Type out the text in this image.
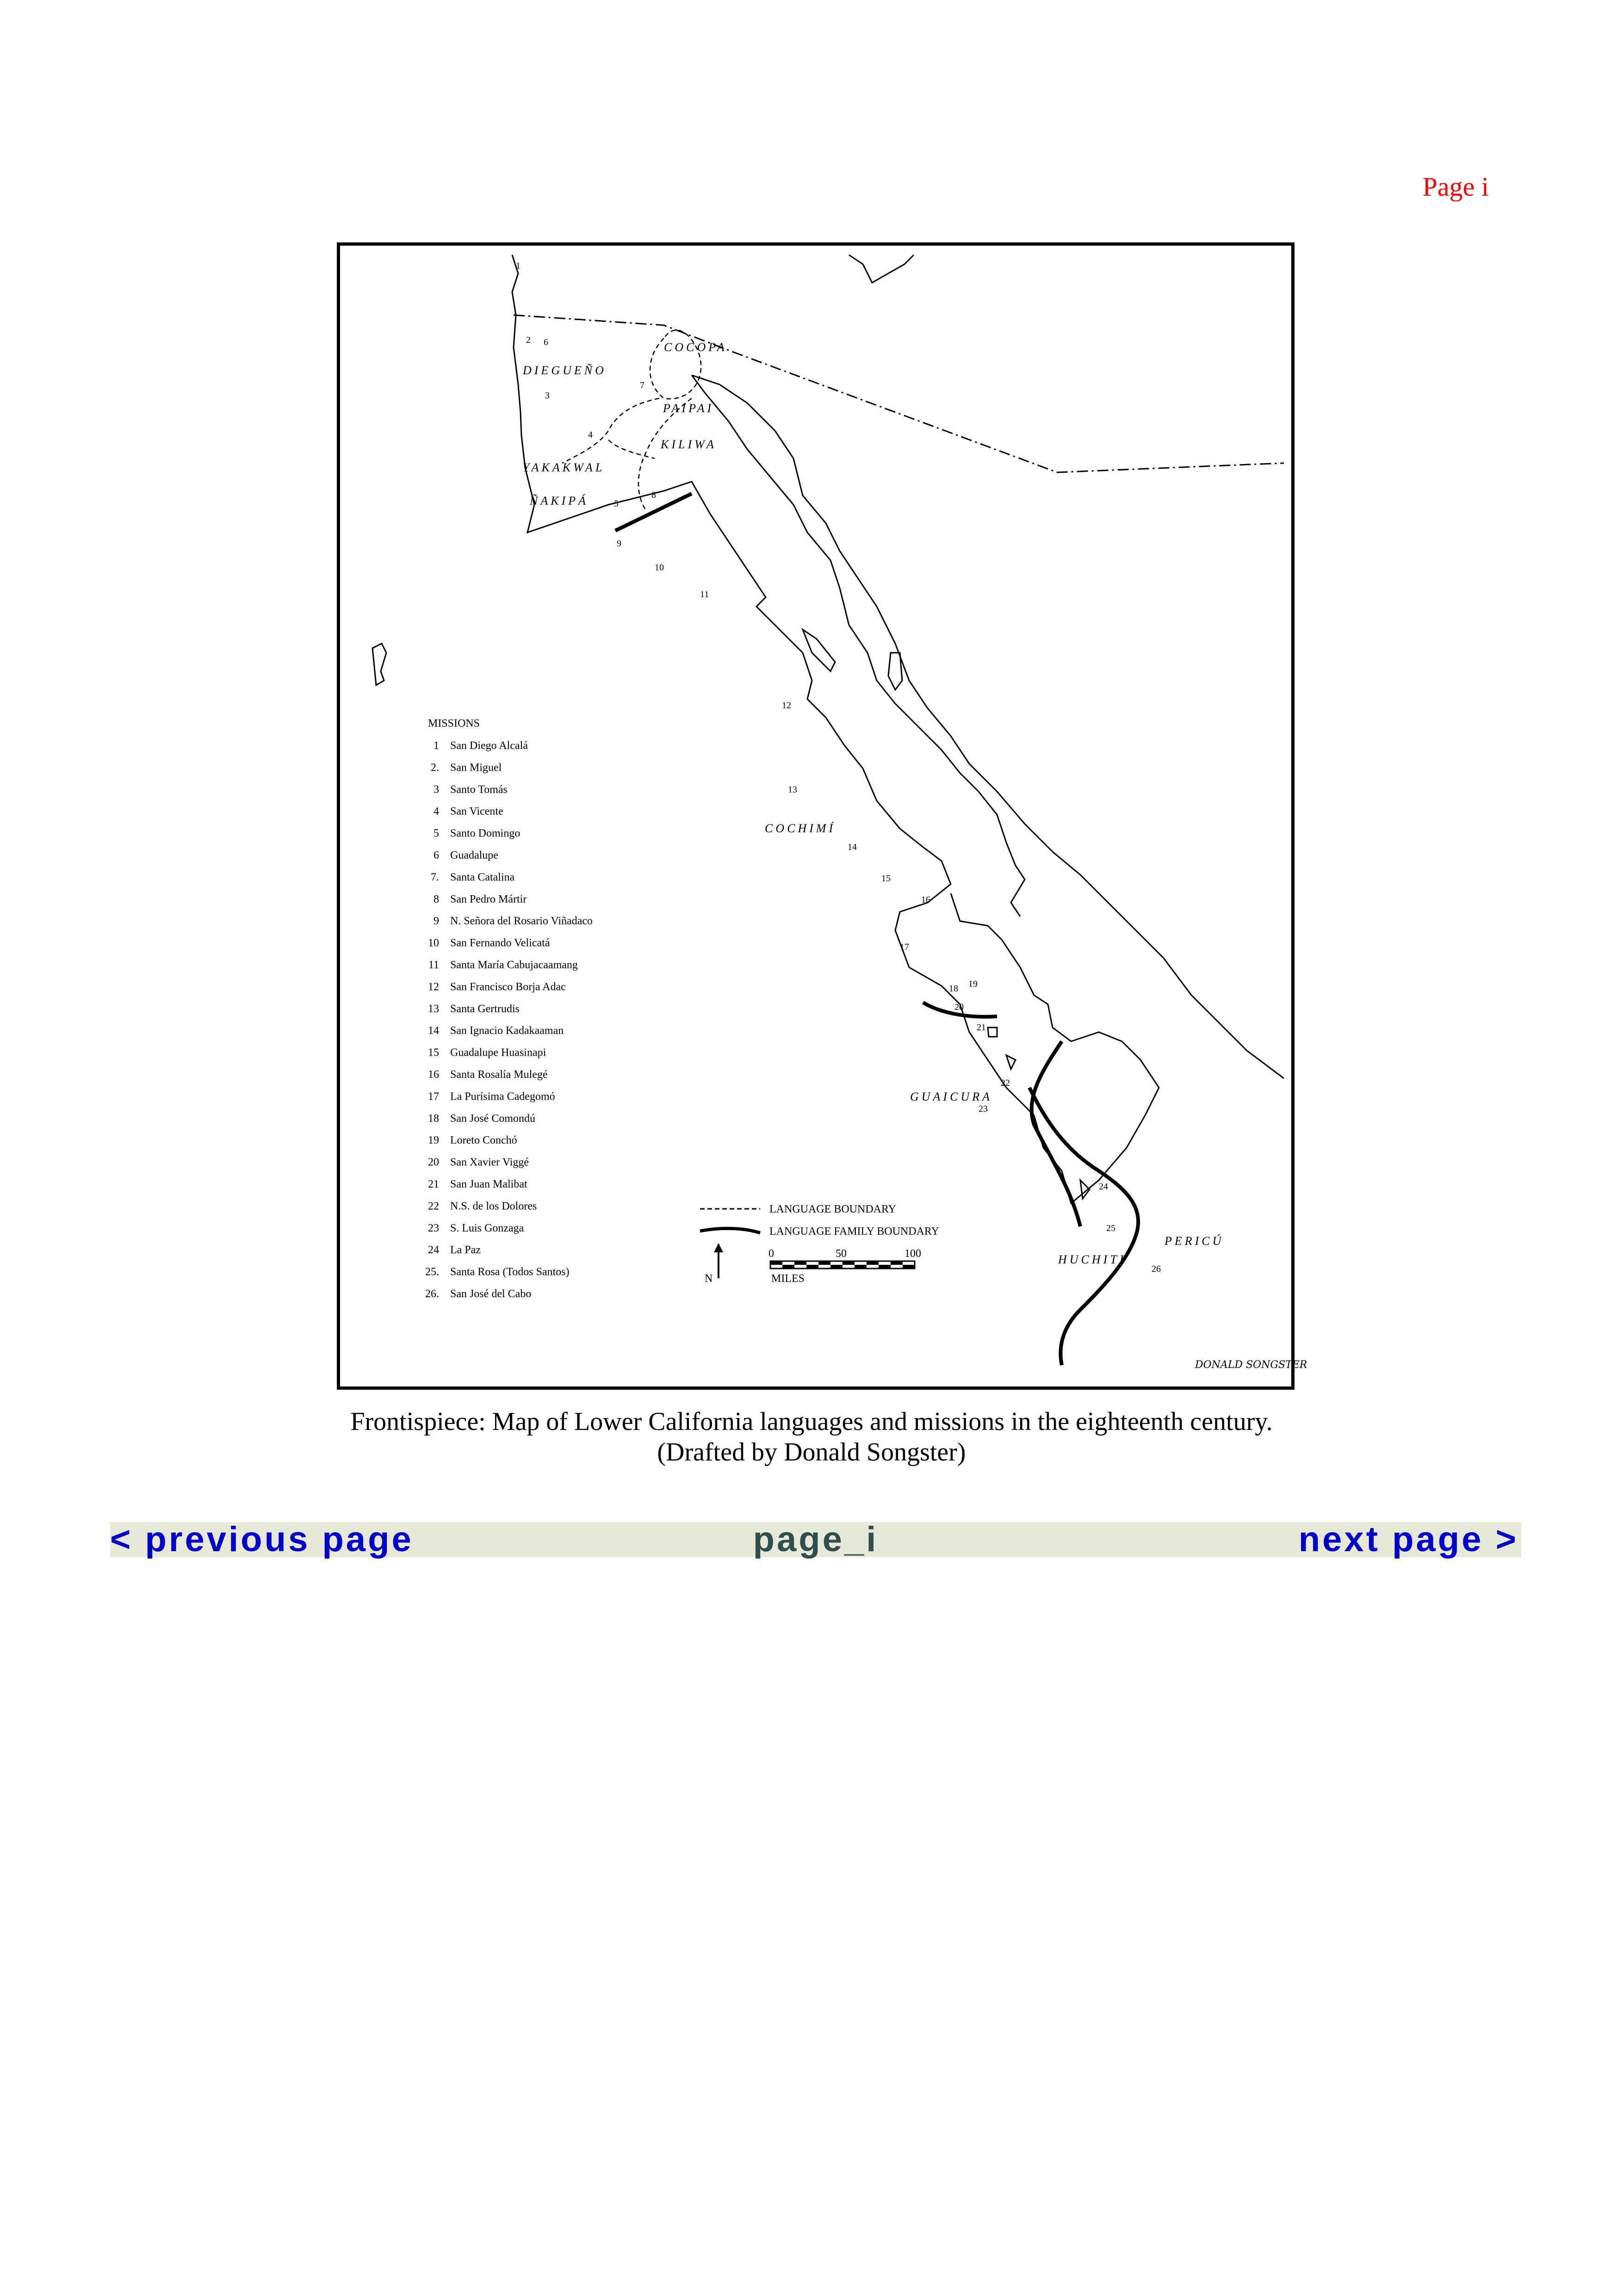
Page i
COCOPA
DIEGUEÑO
PAIPAI
KILIWA
YAKAKWAL
ÑAKIPÁ
COCHIMÍ
GUAICURA
HUCHITI
PERICÚ
1
2 6
3
7
4
8
5
9
10
11
12
13
14
15
16
17
18 19
20
21
22
23
24
25
26
MISSIONS
1 San Diego Alcalá
2. San Miguel
3 Santo Tomás
4 San Vicente
5 Santo Domingo
6 Guadalupe
7. Santa Catalina
8 San Pedro Mártir
9 N. Señora del Rosario Viñadaco
10 San Fernando Velicatá
11 Santa María Cabujacaamang
12 San Francisco Borja Adac
13 Santa Gertrudis
14 San Ignacio Kadakaaman
15 Guadalupe Huasinapi
16 Santa Rosalía Mulegé
17 La Purísima Cadegomó
18 San José Comondú
19 Loreto Conchó
20 San Xavier Viggé
21 San Juan Malibat
22 N.S. de los Dolores
23 S. Luis Gonzaga
24 La Paz
25. Santa Rosa (Todos Santos)
26. San José del Cabo
LANGUAGE BOUNDARY
LANGUAGE FAMILY BOUNDARY
N
0	50	100
MILES
DONALD SONGSTER
Frontispiece: Map of Lower California languages and missions in the eighteenth century.
(Drafted by Donald Songster)
< previous page	page_i	next page >
